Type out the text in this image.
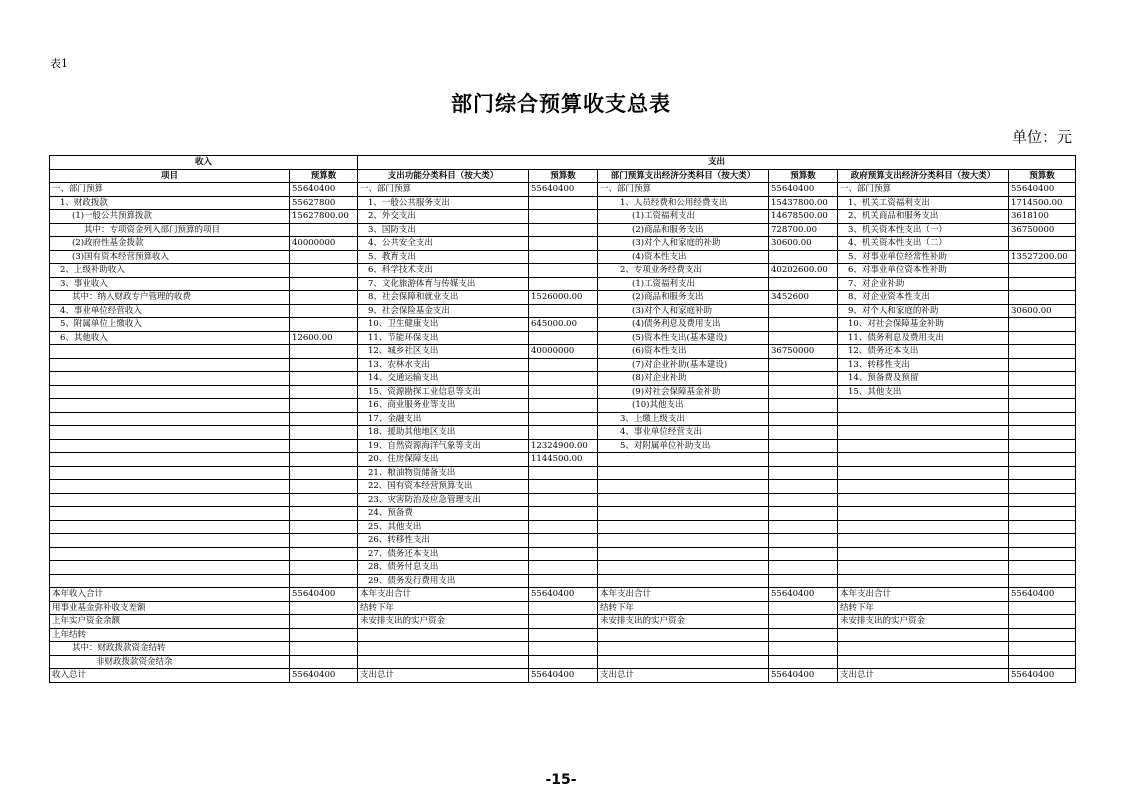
表1
部门综合预算收支总表
单位：元
收入		支出					
项目	预算数	支出功能分类科目（按大类）	预算数	部门预算支出经济分类科目（按大类）	预算数	政府预算支出经济分类科目（按大类）	预算数
一、部门预算	55640400	一、部门预算	55640400	一、部门预算	55640400	一、部门预算	55640400
1、财政拨款	55627800	1、一般公共服务支出		1、人员经费和公用经费支出	15437800.00	1、机关工资福利支出	1714500.00
(1)一般公共预算拨款	15627800.00	2、外交支出		(1)工资福利支出	14678500.00	2、机关商品和服务支出	3618100
其中：专项资金列入部门预算的项目		3、国防支出		(2)商品和服务支出	728700.00	3、机关资本性支出（一）	36750000
(2)政府性基金拨款	40000000	4、公共安全支出		(3)对个人和家庭的补助	30600.00	4、机关资本性支出（二）	
(3)国有资本经营预算收入		5、教育支出		(4)资本性支出		5、对事业单位经常性补助	13527200.00
2、上级补助收入		6、科学技术支出		2、专项业务经费支出	40202600.00	6、对事业单位资本性补助	
3、事业收入		7、文化旅游体育与传媒支出		(1)工资福利支出		7、对企业补助	
其中：纳入财政专户管理的收费		8、社会保障和就业支出	1526000.00	(2)商品和服务支出	3452600	8、对企业资本性支出	
4、事业单位经营收入		9、社会保险基金支出		(3)对个人和家庭补助		9、对个人和家庭的补助	30600.00
5、附属单位上缴收入		10、卫生健康支出	645000.00	(4)债务利息及费用支出		10、对社会保障基金补助	
6、其他收入	12600.00	11、节能环保支出		(5)资本性支出(基本建设)		11、债务利息及费用支出	
		12、城乡社区支出	40000000	(6)资本性支出	36750000	12、债务还本支出	
		13、农林水支出		(7)对企业补助(基本建设)		13、转移性支出	
		14、交通运输支出		(8)对企业补助		14、预备费及预留	
		15、资源勘探工业信息等支出		(9)对社会保障基金补助		15、其他支出	
		16、商业服务业等支出		(10)其他支出			
		17、金融支出		3、上缴上级支出			
		18、援助其他地区支出		4、事业单位经营支出			
		19、自然资源海洋气象等支出	12324900.00	5、对附属单位补助支出			
		20、住房保障支出	1144500.00				
		21、粮油物资储备支出					
		22、国有资本经营预算支出					
		23、灾害防治及应急管理支出					
		24、预备费					
		25、其他支出					
		26、转移性支出					
		27、债务还本支出					
		28、债务付息支出					
		29、债务发行费用支出					
本年收入合计	55640400	本年支出合计	55640400	本年支出合计	55640400	本年支出合计	55640400
用事业基金弥补收支差额		结转下年		结转下年		结转下年	
上年实户资金余额		未安排支出的实户资金		未安排支出的实户资金		未安排支出的实户资金	
上年结转							
其中：财政拨款资金结转							
非财政拨款资金结余							
收入总计	55640400	支出总计	55640400	支出总计	55640400	支出总计	55640400
-15-
